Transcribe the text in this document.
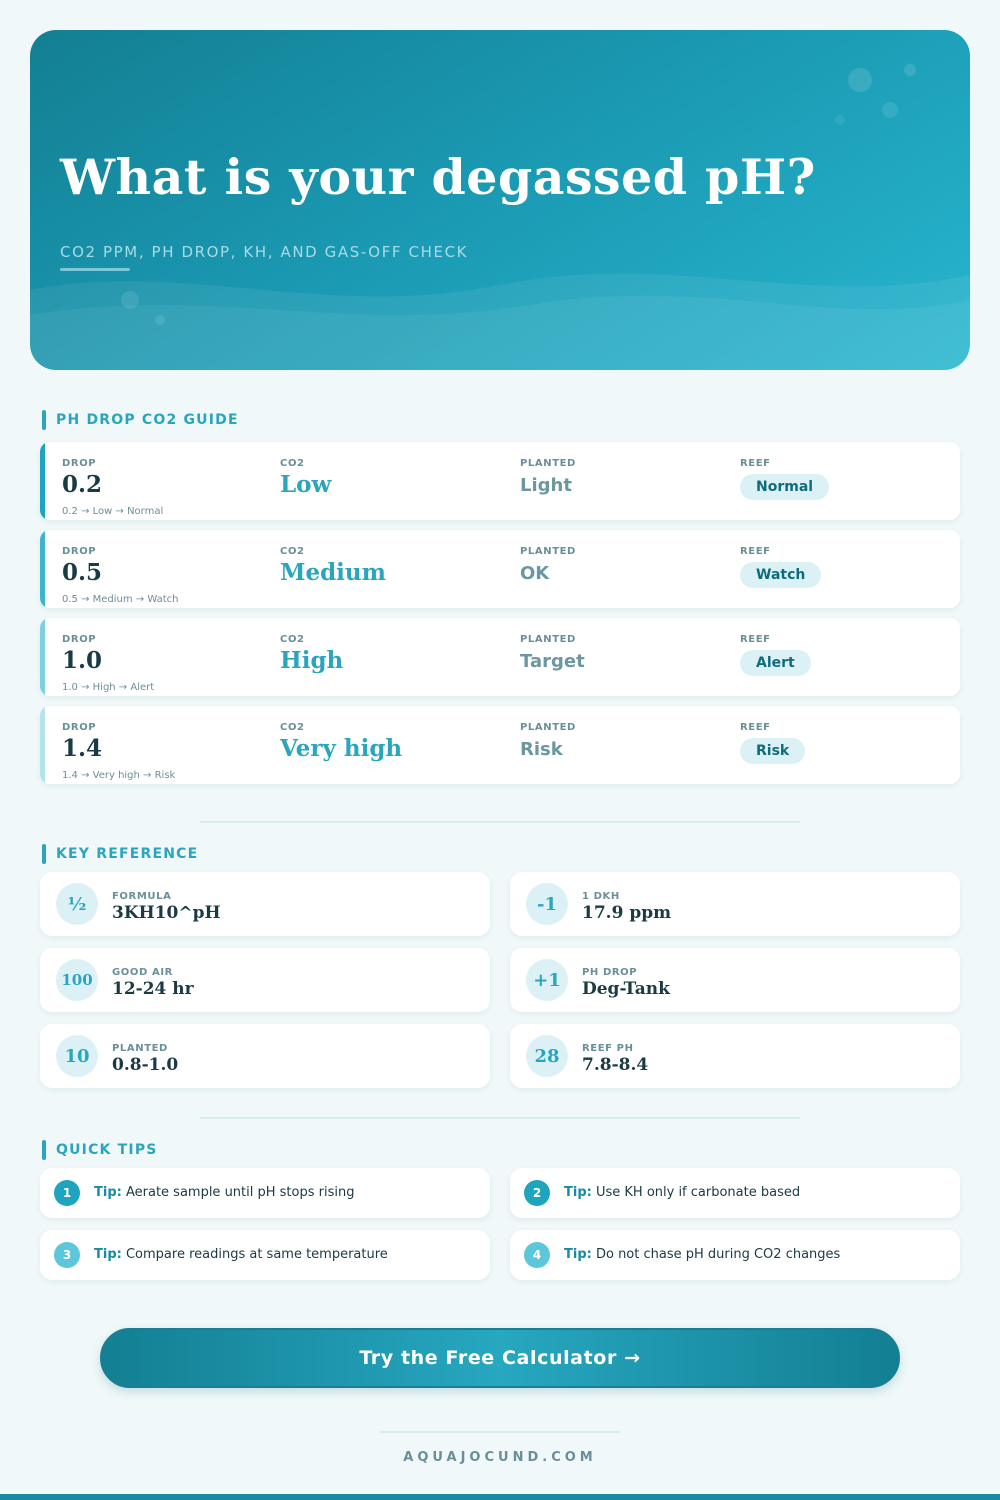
What is your degassed pH?
CO2 PPM, PH DROP, KH, AND GAS-OFF CHECK
PH DROP CO2 GUIDE
DROP
0.2
CO2
Low
PLANTED
Light
REEF
Normal
0.2 → Low → Normal
DROP
0.5
CO2
Medium
PLANTED
OK
REEF
Watch
0.5 → Medium → Watch
DROP
1.0
CO2
High
PLANTED
Target
REEF
Alert
1.0 → High → Alert
DROP
1.4
CO2
Very high
PLANTED
Risk
REEF
Risk
1.4 → Very high → Risk
KEY REFERENCE
½	FORMULA
3KH10^pH	-1	1 DKH
17.9 ppm
100	GOOD AIR
12-24 hr	+1	PH DROP
Deg-Tank
10	PLANTED
0.8-1.0	28	REEF PH
7.8-8.4
QUICK TIPS
1	Tip: Aerate sample until pH stops rising	2	Tip: Use KH only if carbonate based
3	Tip: Compare readings at same temperature	4	Tip: Do not chase pH during CO2 changes
Try the Free Calculator →
AQUAJOCUND.COM
